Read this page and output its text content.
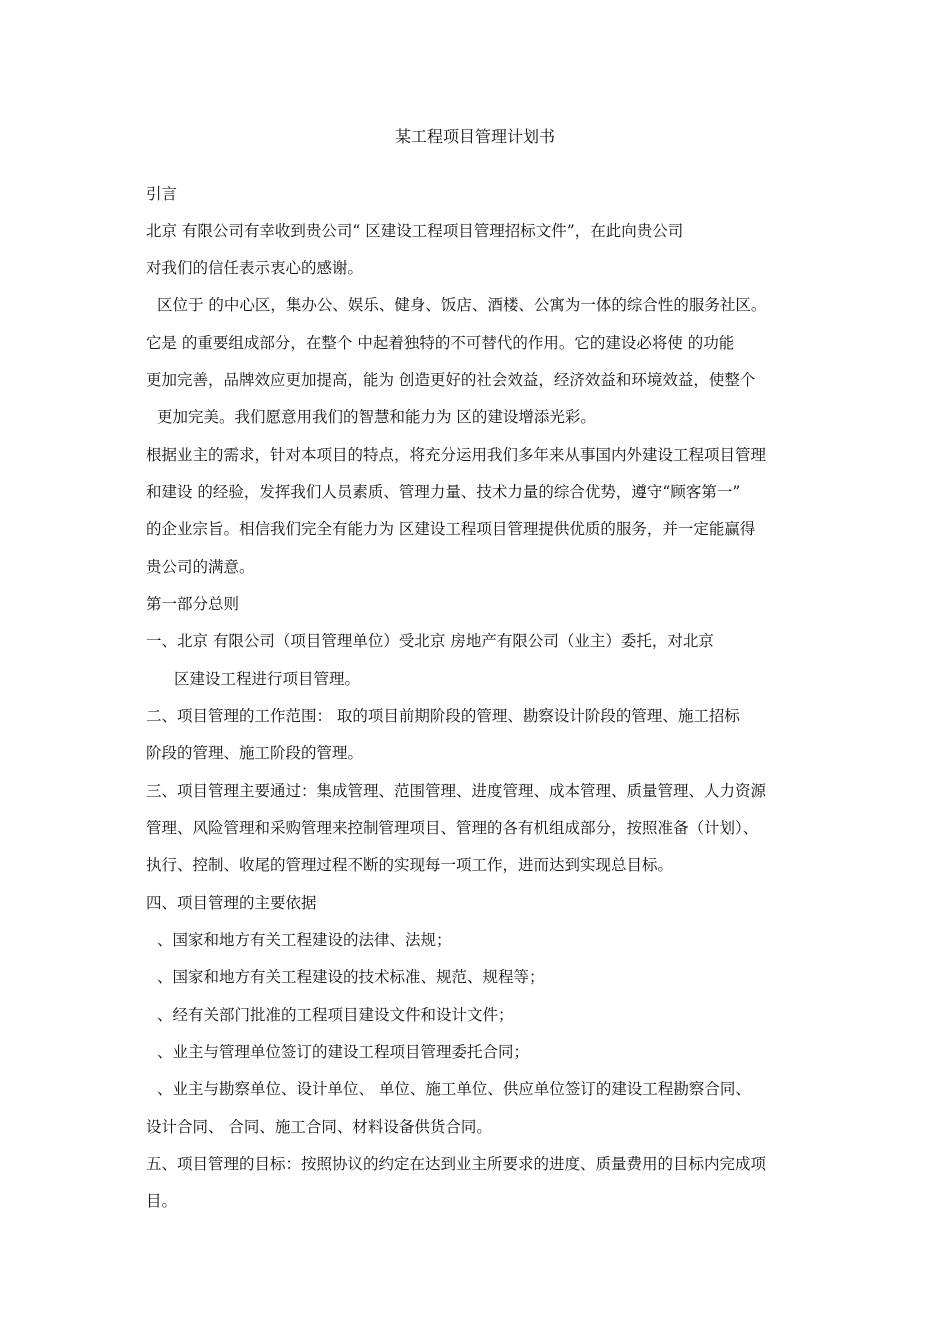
某工程项目管理计划书
引言
北京 有限公司有幸收到贵公司“ 区建设工程项目管理招标文件”，在此向贵公司
对我们的信任表示衷心的感谢。
区位于 的中心区，集办公、娱乐、健身、饭店、酒楼、公寓为一体的综合性的服务社区。
它是 的重要组成部分，在整个 中起着独特的不可替代的作用。它的建设必将使 的功能
更加完善，品牌效应更加提高，能为 创造更好的社会效益，经济效益和环境效益，使整个
更加完美。我们愿意用我们的智慧和能力为 区的建设增添光彩。
根据业主的需求，针对本项目的特点，将充分运用我们多年来从事国内外建设工程项目管理
和建设 的经验，发挥我们人员素质、管理力量、技术力量的综合优势，遵守“顾客第一”
的企业宗旨。相信我们完全有能力为 区建设工程项目管理提供优质的服务，并一定能赢得
贵公司的满意。
第一部分总则
一、北京 有限公司（项目管理单位）受北京 房地产有限公司（业主）委托，对北京
区建设工程进行项目管理。
二、项目管理的工作范围： 取的项目前期阶段的管理、勘察设计阶段的管理、施工招标
阶段的管理、施工阶段的管理。
三、项目管理主要通过：集成管理、范围管理、进度管理、成本管理、质量管理、人力资源
管理、风险管理和采购管理来控制管理项目、管理的各有机组成部分，按照准备（计划）、
执行、控制、收尾的管理过程不断的实现每一项工作，进而达到实现总目标。
四、项目管理的主要依据
、国家和地方有关工程建设的法律、法规；
、国家和地方有关工程建设的技术标准、规范、规程等；
、经有关部门批准的工程项目建设文件和设计文件；
、业主与管理单位签订的建设工程项目管理委托合同；
、业主与勘察单位、设计单位、 单位、施工单位、供应单位签订的建设工程勘察合同、
设计合同、 合同、施工合同、材料设备供货合同。
五、项目管理的目标：按照协议的约定在达到业主所要求的进度、质量费用的目标内完成项
目。
